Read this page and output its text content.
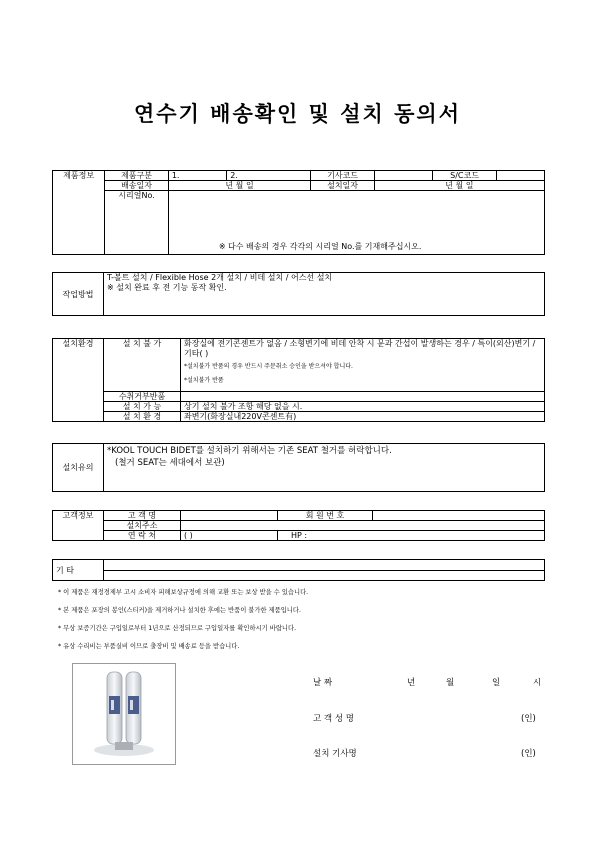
연수기 배송확인 및 설치 동의서
제품정보	제품구분	1.	2.	기사코드		S/C코드	
	배송일자	년 월 일		설치일자	년 월 일		
	시리얼No.	※ 다수 배송의 경우 각각의 시리얼 No.를 기재해주십시오.					

작업방법	T-볼트 설치 / Flexible Hose 2개 설치 / 비데 설치 / 어스선 설치
※ 설치 완료 후 전 기능 동작 확인.
설치환경	설 치 불 가	화장실에 전기콘센트가 없음 / 소형변기에 비데 안착 시 문과 간섭이 발생하는 경우 / 특이(외산)변기 / 기타( )
*설치불가 반품의 경우 반드시 주문취소 승인을 받으셔야 합니다.
*설치불가 반품

	수취거부반품	
	설 치 가 능	상기 설치 불가 조항 해당 없을 시.
	설 치 환 경	좌변기(화장실내220V콘센트有)
설치유의	
*KOOL TOUCH BIDET를 설치하기 위해서는 기존 SEAT 철거를 허락합니다.
(철거 SEAT는 세대에서 보관)
고객정보	고 객 명		회 원 번 호	
	설치주소			
	연 락 처	( )	HP :	
기 타	

* 이 제품은 재정경제부 고시 소비자 피해보상규정에 의해 교환 또는 보상 받을 수 있습니다.
* 본 제품은 포장의 봉인(스티커)을 제거하거나 설치한 후에는 반품이 불가한 제품입니다.
* 무상 보증기간은 구입일로부터 1년으로 산정되므로 구입일자를 확인하시기 바랍니다.
* 유상 수리비는 부품실비 이므로 출장비 및 배송료 등을 받습니다.
날 짜	년	월	일	시
고 객 성 명	(인)
설치 기사명	(인)
